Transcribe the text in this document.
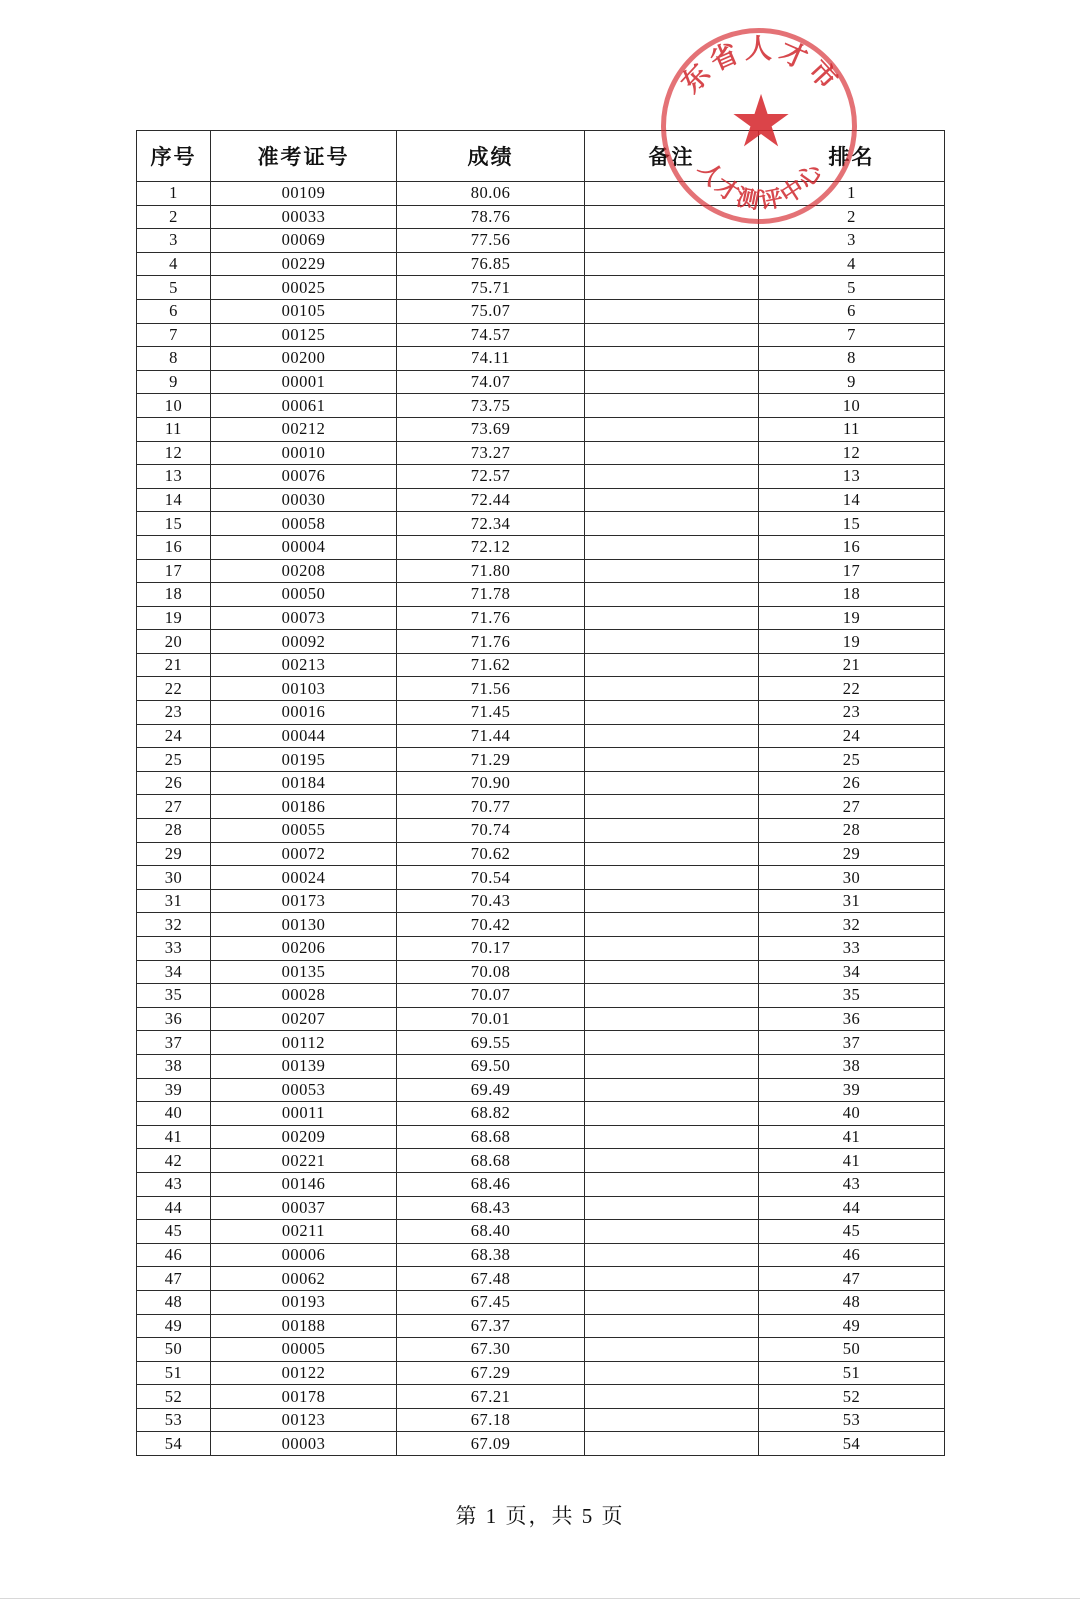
序号	准考证号	成绩	备注	排名
1	00109	80.06		1
2	00033	78.76		2
3	00069	77.56		3
4	00229	76.85		4
5	00025	75.71		5
6	00105	75.07		6
7	00125	74.57		7
8	00200	74.11		8
9	00001	74.07		9
10	00061	73.75		10
11	00212	73.69		11
12	00010	73.27		12
13	00076	72.57		13
14	00030	72.44		14
15	00058	72.34		15
16	00004	72.12		16
17	00208	71.80		17
18	00050	71.78		18
19	00073	71.76		19
20	00092	71.76		19
21	00213	71.62		21
22	00103	71.56		22
23	00016	71.45		23
24	00044	71.44		24
25	00195	71.29		25
26	00184	70.90		26
27	00186	70.77		27
28	00055	70.74		28
29	00072	70.62		29
30	00024	70.54		30
31	00173	70.43		31
32	00130	70.42		32
33	00206	70.17		33
34	00135	70.08		34
35	00028	70.07		35
36	00207	70.01		36
37	00112	69.55		37
38	00139	69.50		38
39	00053	69.49		39
40	00011	68.82		40
41	00209	68.68		41
42	00221	68.68		41
43	00146	68.46		43
44	00037	68.43		44
45	00211	68.40		45
46	00006	68.38		46
47	00062	67.48		47
48	00193	67.45		48
49	00188	67.37		49
50	00005	67.30		50
51	00122	67.29		51
52	00178	67.21		52
53	00123	67.18		53
54	00003	67.09		54
东省人才市
人才测评中心
★
第 1 页，共 5 页
